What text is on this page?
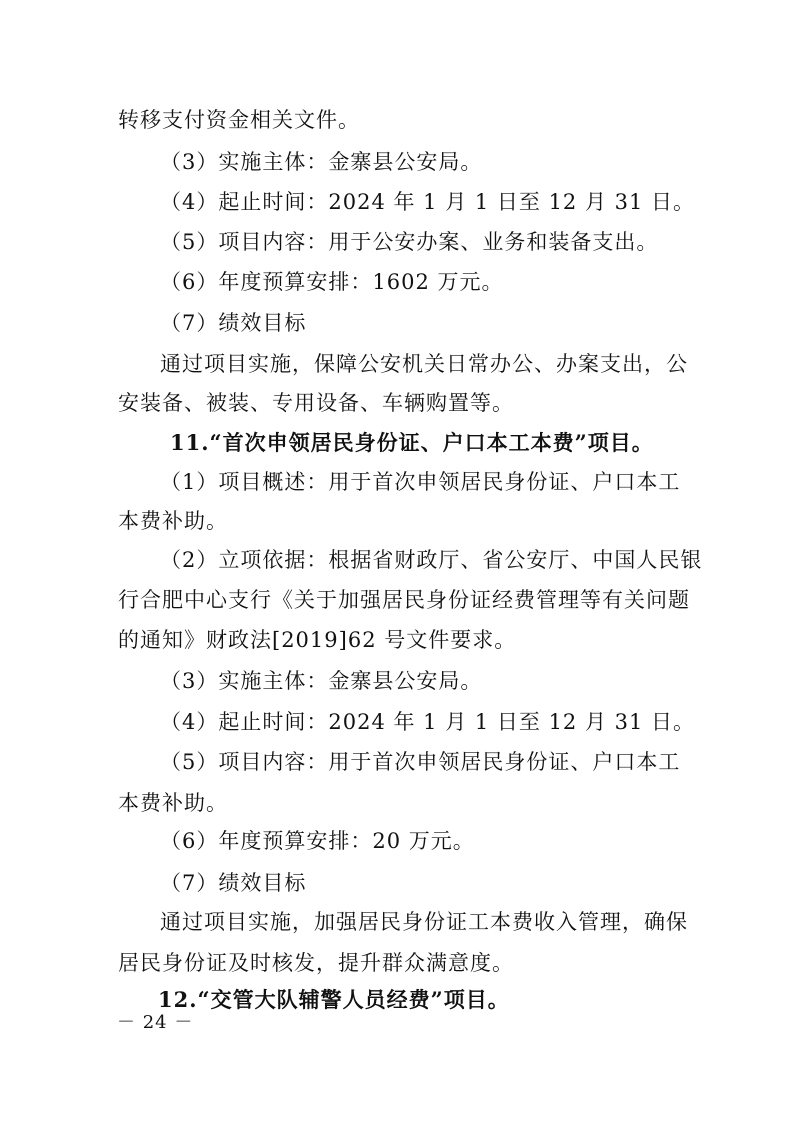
转移支付资金相关文件。
（3）实施主体：金寨县公安局。
（4）起止时间：2024 年 1 月 1 日至 12 月 31 日。
（5）项目内容：用于公安办案、业务和装备支出。
（6）年度预算安排：1602 万元。
（7）绩效目标
通过项目实施，保障公安机关日常办公、办案支出，公
安装备、被装、专用设备、车辆购置等。
11.“首次申领居民身份证、户口本工本费”项目。
（1）项目概述：用于首次申领居民身份证、户口本工
本费补助。
（2）立项依据：根据省财政厅、省公安厅、中国人民银
行合肥中心支行《关于加强居民身份证经费管理等有关问题
的通知》财政法[2019]62 号文件要求。
（3）实施主体：金寨县公安局。
（4）起止时间：2024 年 1 月 1 日至 12 月 31 日。
（5）项目内容：用于首次申领居民身份证、户口本工
本费补助。
（6）年度预算安排：20 万元。
（7）绩效目标
通过项目实施，加强居民身份证工本费收入管理，确保
居民身份证及时核发，提升群众满意度。
12.“交管大队辅警人员经费”项目。
－ 24 －
